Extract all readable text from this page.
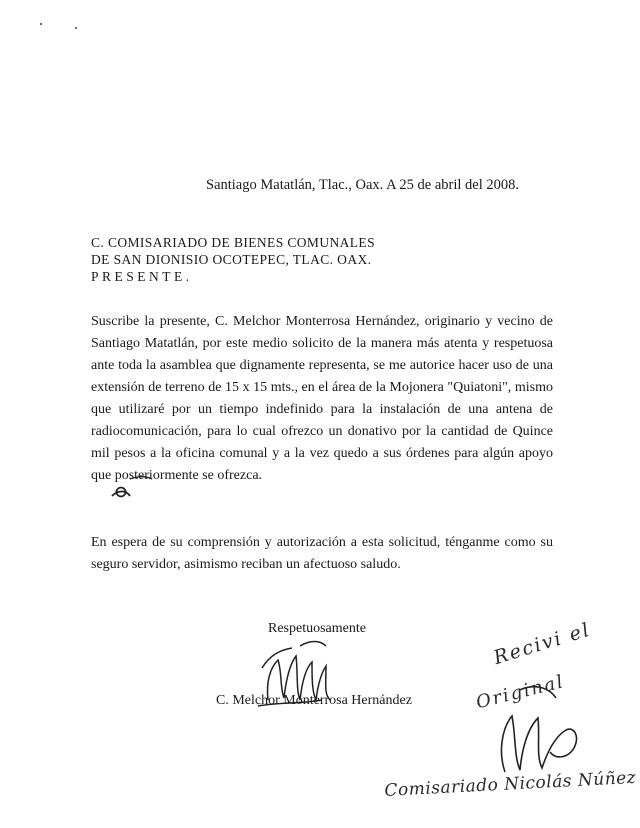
Santiago Matatlán, Tlac., Oax. A 25 de abril del 2008.
C. COMISARIADO DE BIENES COMUNALES
DE SAN DIONISIO OCOTEPEC, TLAC. OAX.
PRESENTE.
Suscribe la presente, C. Melchor Monterrosa Hernández, originario y vecino de Santiago Matatlán, por este medio solicito de la manera más atenta y respetuosa ante toda la asamblea que dignamente representa, se me autorice hacer uso de una extensión de terreno de 15 x 15 mts., en el área de la Mojonera "Quiatoni", mismo que utilizaré por un tiempo indefinido para la instalación de una antena de radiocomunicación, para lo cual ofrezco un donativo por la cantidad de Quince mil pesos a la oficina comunal y a la vez quedo a sus órdenes para algún apoyo que posteriormente se ofrezca.
En espera de su comprensión y autorización a esta solicitud, ténganme como su seguro servidor, asimismo reciban un afectuoso saludo.
Respetuosamente
C. Melchor Monterrosa Hernández
Recivi el
Original
Comisariado Nicolás Núñez
